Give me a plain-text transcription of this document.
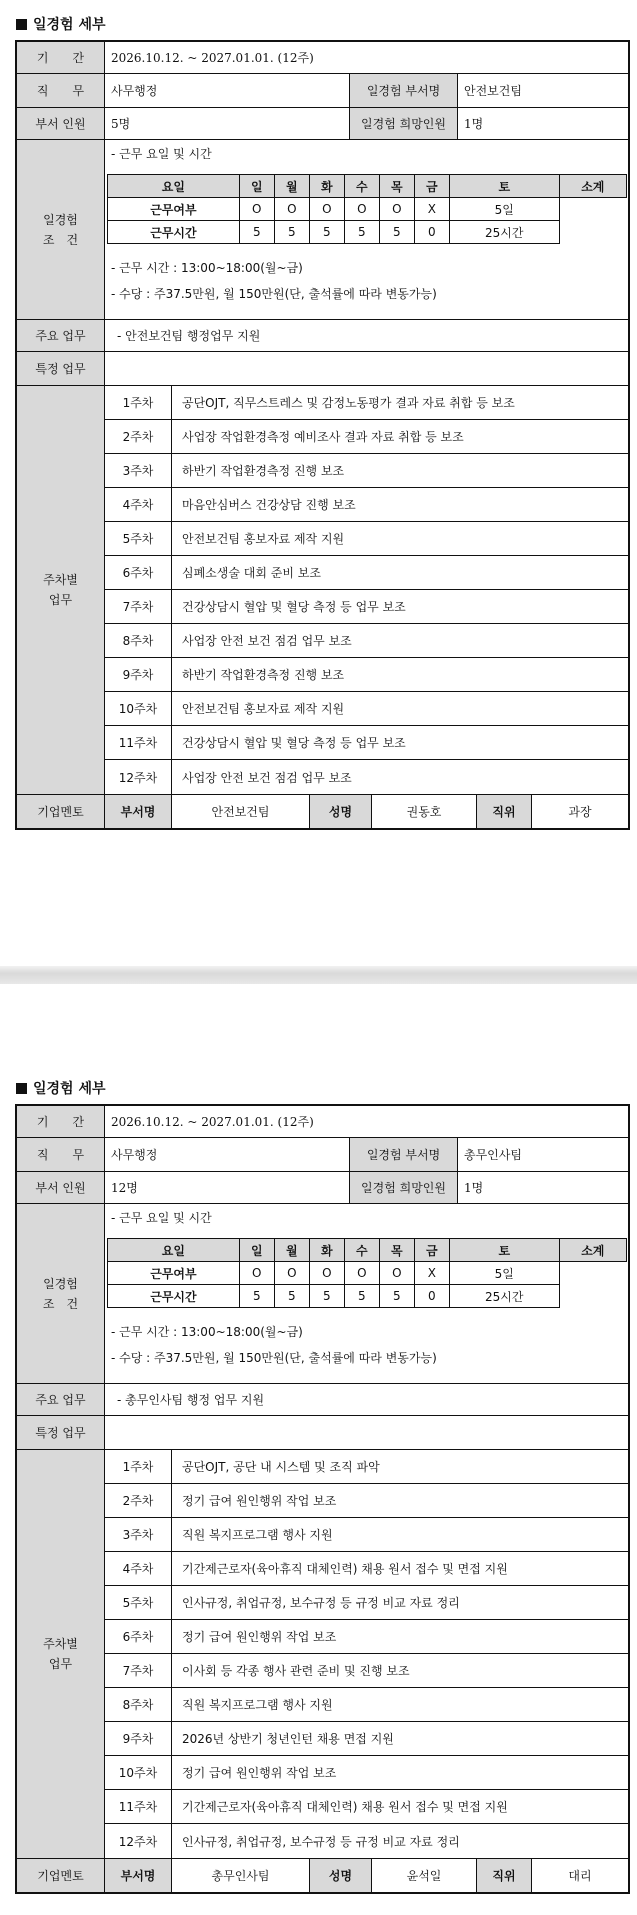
일경험 세부
기　　간	2026.10.12. ~ 2027.01.01. (12주)
직　　무	사무행정	일경험 부서명	안전보건팀
부서 인원	5명	일경험 희망인원	1명
일경험
조　건
- 근무 요일 및 시간
요일	일	월	화	수	목	금	토	소계
근무여부	O	O	O	O	O	X	5일	
근무시간	5	5	5	5	5	0	25시간	
- 근무 시간 : 13:00~18:00(월~금)
- 수당 : 주37.5만원, 월 150만원(단, 출석률에 따라 변동가능)
주요 업무	- 안전보건팀 행정업무 지원
특정 업무
주차별
업무
1주차	공단OJT, 직무스트레스 및 감정노동평가 결과 자료 취합 등 보조
2주차	사업장 작업환경측정 예비조사 결과 자료 취합 등 보조
3주차	하반기 작업환경측정 진행 보조
4주차	마음안심버스 건강상담 진행 보조
5주차	안전보건팀 홍보자료 제작 지원
6주차	심폐소생술 대회 준비 보조
7주차	건강상담시 혈압 및 혈당 측정 등 업무 보조
8주차	사업장 안전 보건 점검 업무 보조
9주차	하반기 작업환경측정 진행 보조
10주차	안전보건팀 홍보자료 제작 지원
11주차	건강상담시 혈압 및 혈당 측정 등 업무 보조
12주차	사업장 안전 보건 점검 업무 보조
기업멘토	부서명	안전보건팀	성명	권동호	직위	과장
일경험 세부
기　　간	2026.10.12. ~ 2027.01.01. (12주)
직　　무	사무행정	일경험 부서명	총무인사팀
부서 인원	12명	일경험 희망인원	1명
일경험
조　건
- 근무 요일 및 시간
요일	일	월	화	수	목	금	토	소계
근무여부	O	O	O	O	O	X	5일	
근무시간	5	5	5	5	5	0	25시간	
- 근무 시간 : 13:00~18:00(월~금)
- 수당 : 주37.5만원, 월 150만원(단, 출석률에 따라 변동가능)
주요 업무	- 총무인사팀 행정 업무 지원
특정 업무
주차별
업무
1주차	공단OJT, 공단 내 시스템 및 조직 파악
2주차	정기 급여 원인행위 작업 보조
3주차	직원 복지프로그램 행사 지원
4주차	기간제근로자(육아휴직 대체인력) 채용 원서 접수 및 면접 지원
5주차	인사규정, 취업규정, 보수규정 등 규정 비교 자료 정리
6주차	정기 급여 원인행위 작업 보조
7주차	이사회 등 각종 행사 관련 준비 및 진행 보조
8주차	직원 복지프로그램 행사 지원
9주차	2026년 상반기 청년인턴 채용 면접 지원
10주차	정기 급여 원인행위 작업 보조
11주차	기간제근로자(육아휴직 대체인력) 채용 원서 접수 및 면접 지원
12주차	인사규정, 취업규정, 보수규정 등 규정 비교 자료 정리
기업멘토	부서명	총무인사팀	성명	윤석일	직위	대리
